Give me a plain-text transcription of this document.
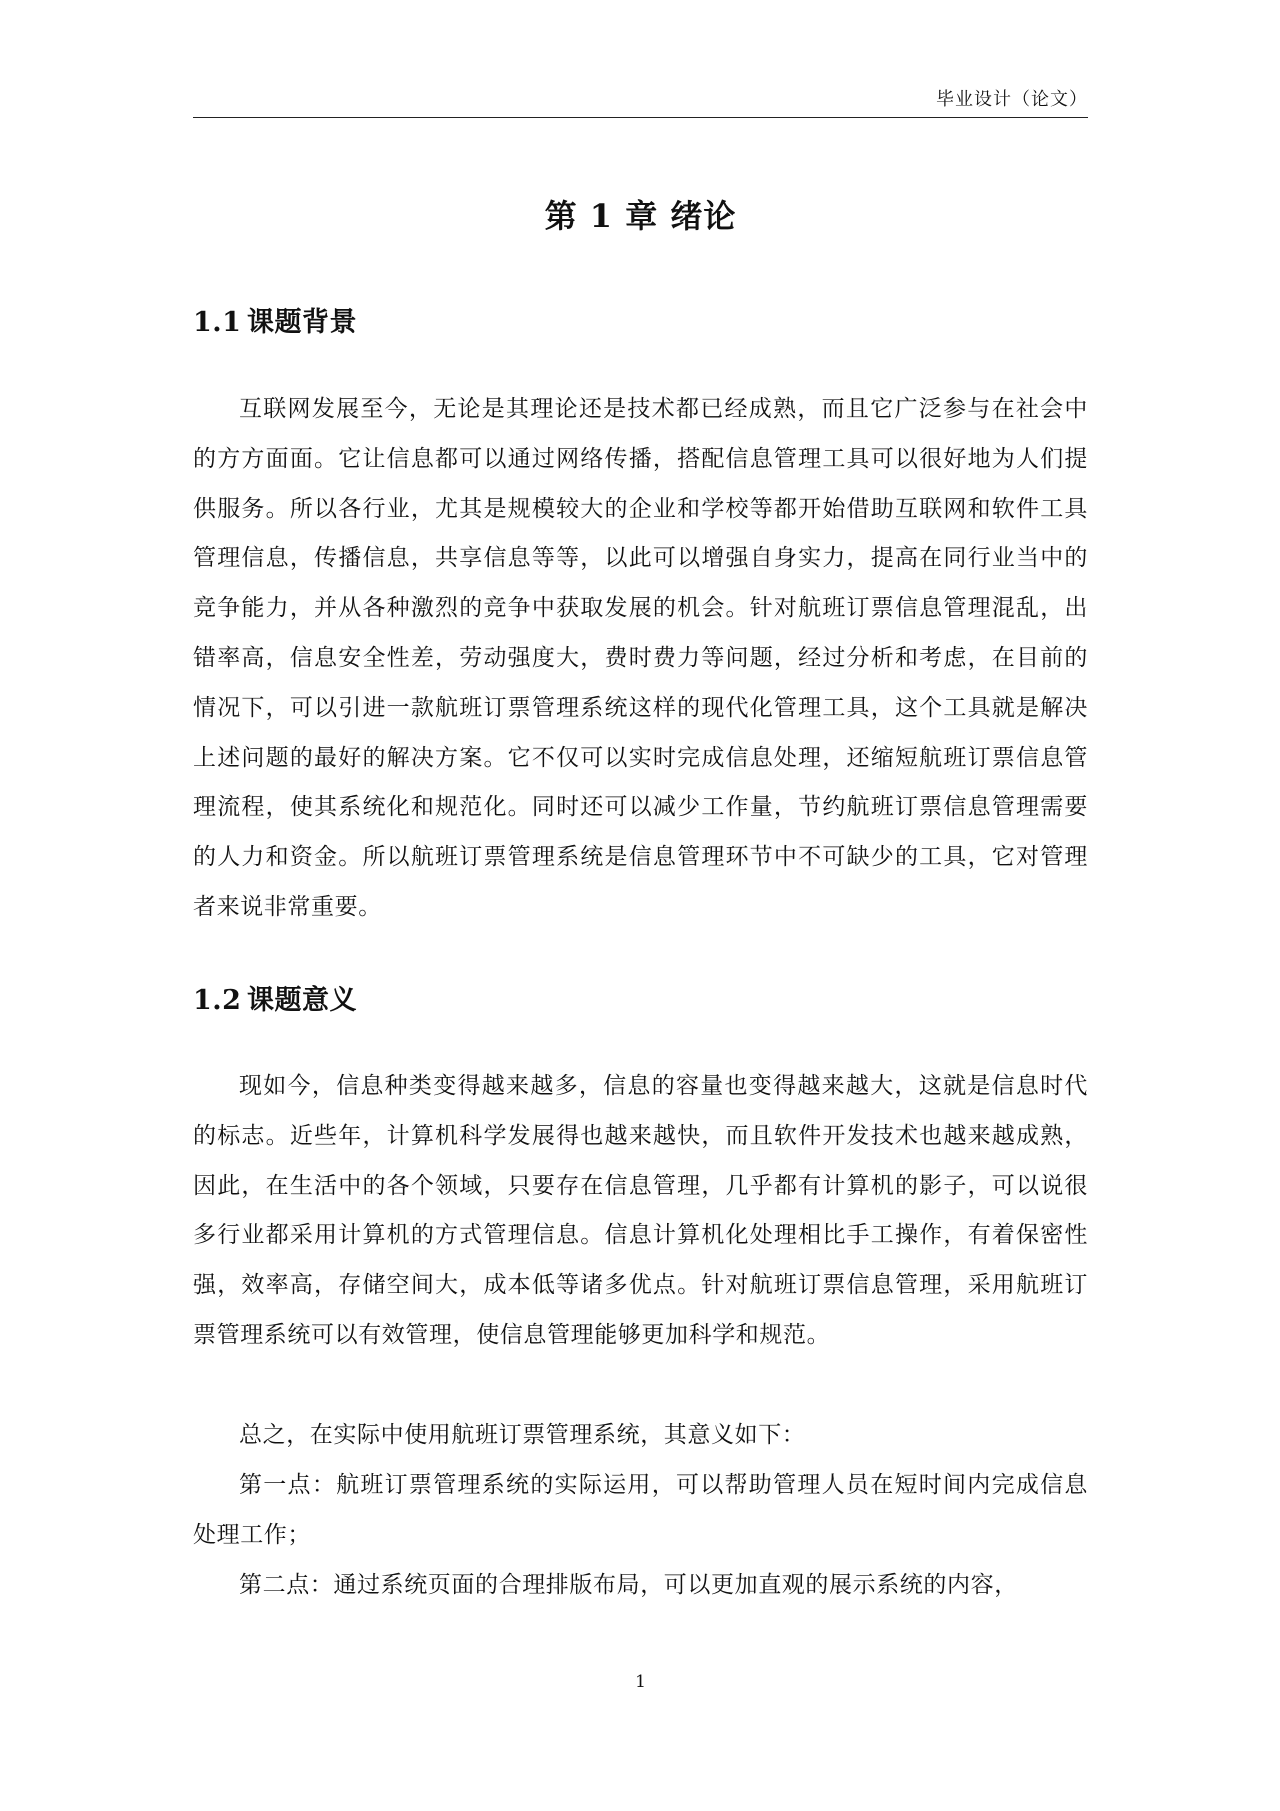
毕业设计（论文）
第 1 章 绪论
1.1 课题背景

互联网发展至今，无论是其理论还是技术都已经成熟，而且它广泛参与在社会中的方方面面。它让信息都可以通过网络传播，搭配信息管理工具可以很好地为人们提供服务。所以各行业，尤其是规模较大的企业和学校等都开始借助互联网和软件工具管理信息，传播信息，共享信息等等，以此可以增强自身实力，提高在同行业当中的竞争能力，并从各种激烈的竞争中获取发展的机会。针对航班订票信息管理混乱，出错率高，信息安全性差，劳动强度大，费时费力等问题，经过分析和考虑，在目前的情况下，可以引进一款航班订票管理系统这样的现代化管理工具，这个工具就是解决上述问题的最好的解决方案。它不仅可以实时完成信息处理，还缩短航班订票信息管理流程，使其系统化和规范化。同时还可以减少工作量，节约航班订票信息管理需要的人力和资金。所以航班订票管理系统是信息管理环节中不可缺少的工具，它对管理者来说非常重要。

1.2 课题意义

现如今，信息种类变得越来越多，信息的容量也变得越来越大，这就是信息时代的标志。近些年，计算机科学发展得也越来越快，而且软件开发技术也越来越成熟，因此，在生活中的各个领域，只要存在信息管理，几乎都有计算机的影子，可以说很多行业都采用计算机的方式管理信息。信息计算机化处理相比手工操作，有着保密性强，效率高，存储空间大，成本低等诸多优点。针对航班订票信息管理，采用航班订票管理系统可以有效管理，使信息管理能够更加科学和规范。

总之，在实际中使用航班订票管理系统，其意义如下：

第一点：航班订票管理系统的实际运用，可以帮助管理人员在短时间内完成信息处理工作；

第二点：通过系统页面的合理排版布局，可以更加直观的展示系统的内容，

1
